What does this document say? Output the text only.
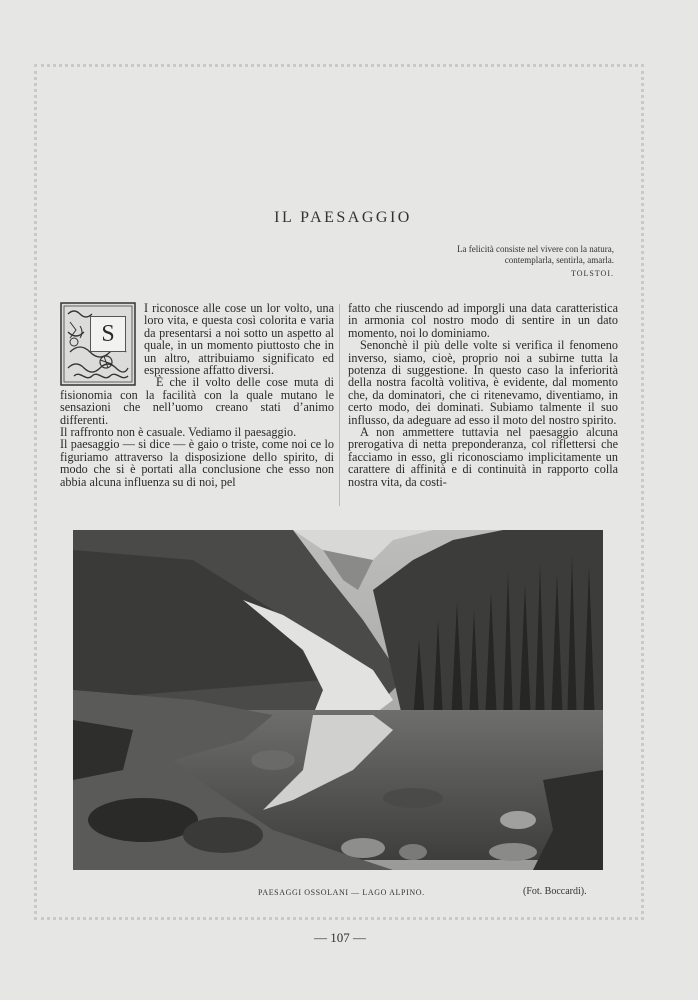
IL PAESAGGIO
La felicità consiste nel vivere con la natura,
contemplarla, sentirla, amarla.
TOLSTOI.
S

I riconosce alle cose un lor volto, una loro vita, e questa così colorita e varia da presentarsi a noi sotto un aspetto al quale, in un momento piuttosto che in un altro, attribuiamo significato ed espressione affatto diversi.

È che il volto delle cose muta di fisionomia con la facilità con la quale mutano le sensazioni che nell’uomo creano stati d’animo differenti.

Il raffronto non è casuale. Vediamo il paesaggio.

Il paesaggio — si dice — è gaio o triste, come noi ce lo figuriamo attraverso la disposizione dello spirito, di modo che si è portati alla conclusione che esso non abbia alcuna influenza su di noi, pel

fatto che riuscendo ad imporgli una data caratteristica in armonia col nostro modo di sentire in un dato momento, noi lo dominiamo.

Senonchè il più delle volte si verifica il fenomeno inverso, siamo, cioè, proprio noi a subirne tutta la potenza di suggestione. In questo caso la inferiorità della nostra facoltà volitiva, è evidente, dal momento che, da dominatori, che ci ritenevamo, diventiamo, in certo modo, dei dominati. Subiamo talmente il suo influsso, da adeguare ad esso il moto del nostro spirito.

A non ammettere tuttavia nel paesaggio alcuna prerogativa di netta preponderanza, col riflettersi che facciamo in esso, gli riconosciamo implicitamente un carattere di affinità e di continuità in rapporto colla nostra vita, da costi-

PAESAGGI OSSOLANI — LAGO ALPINO.	(Fot. Boccardi).
— 107 —
